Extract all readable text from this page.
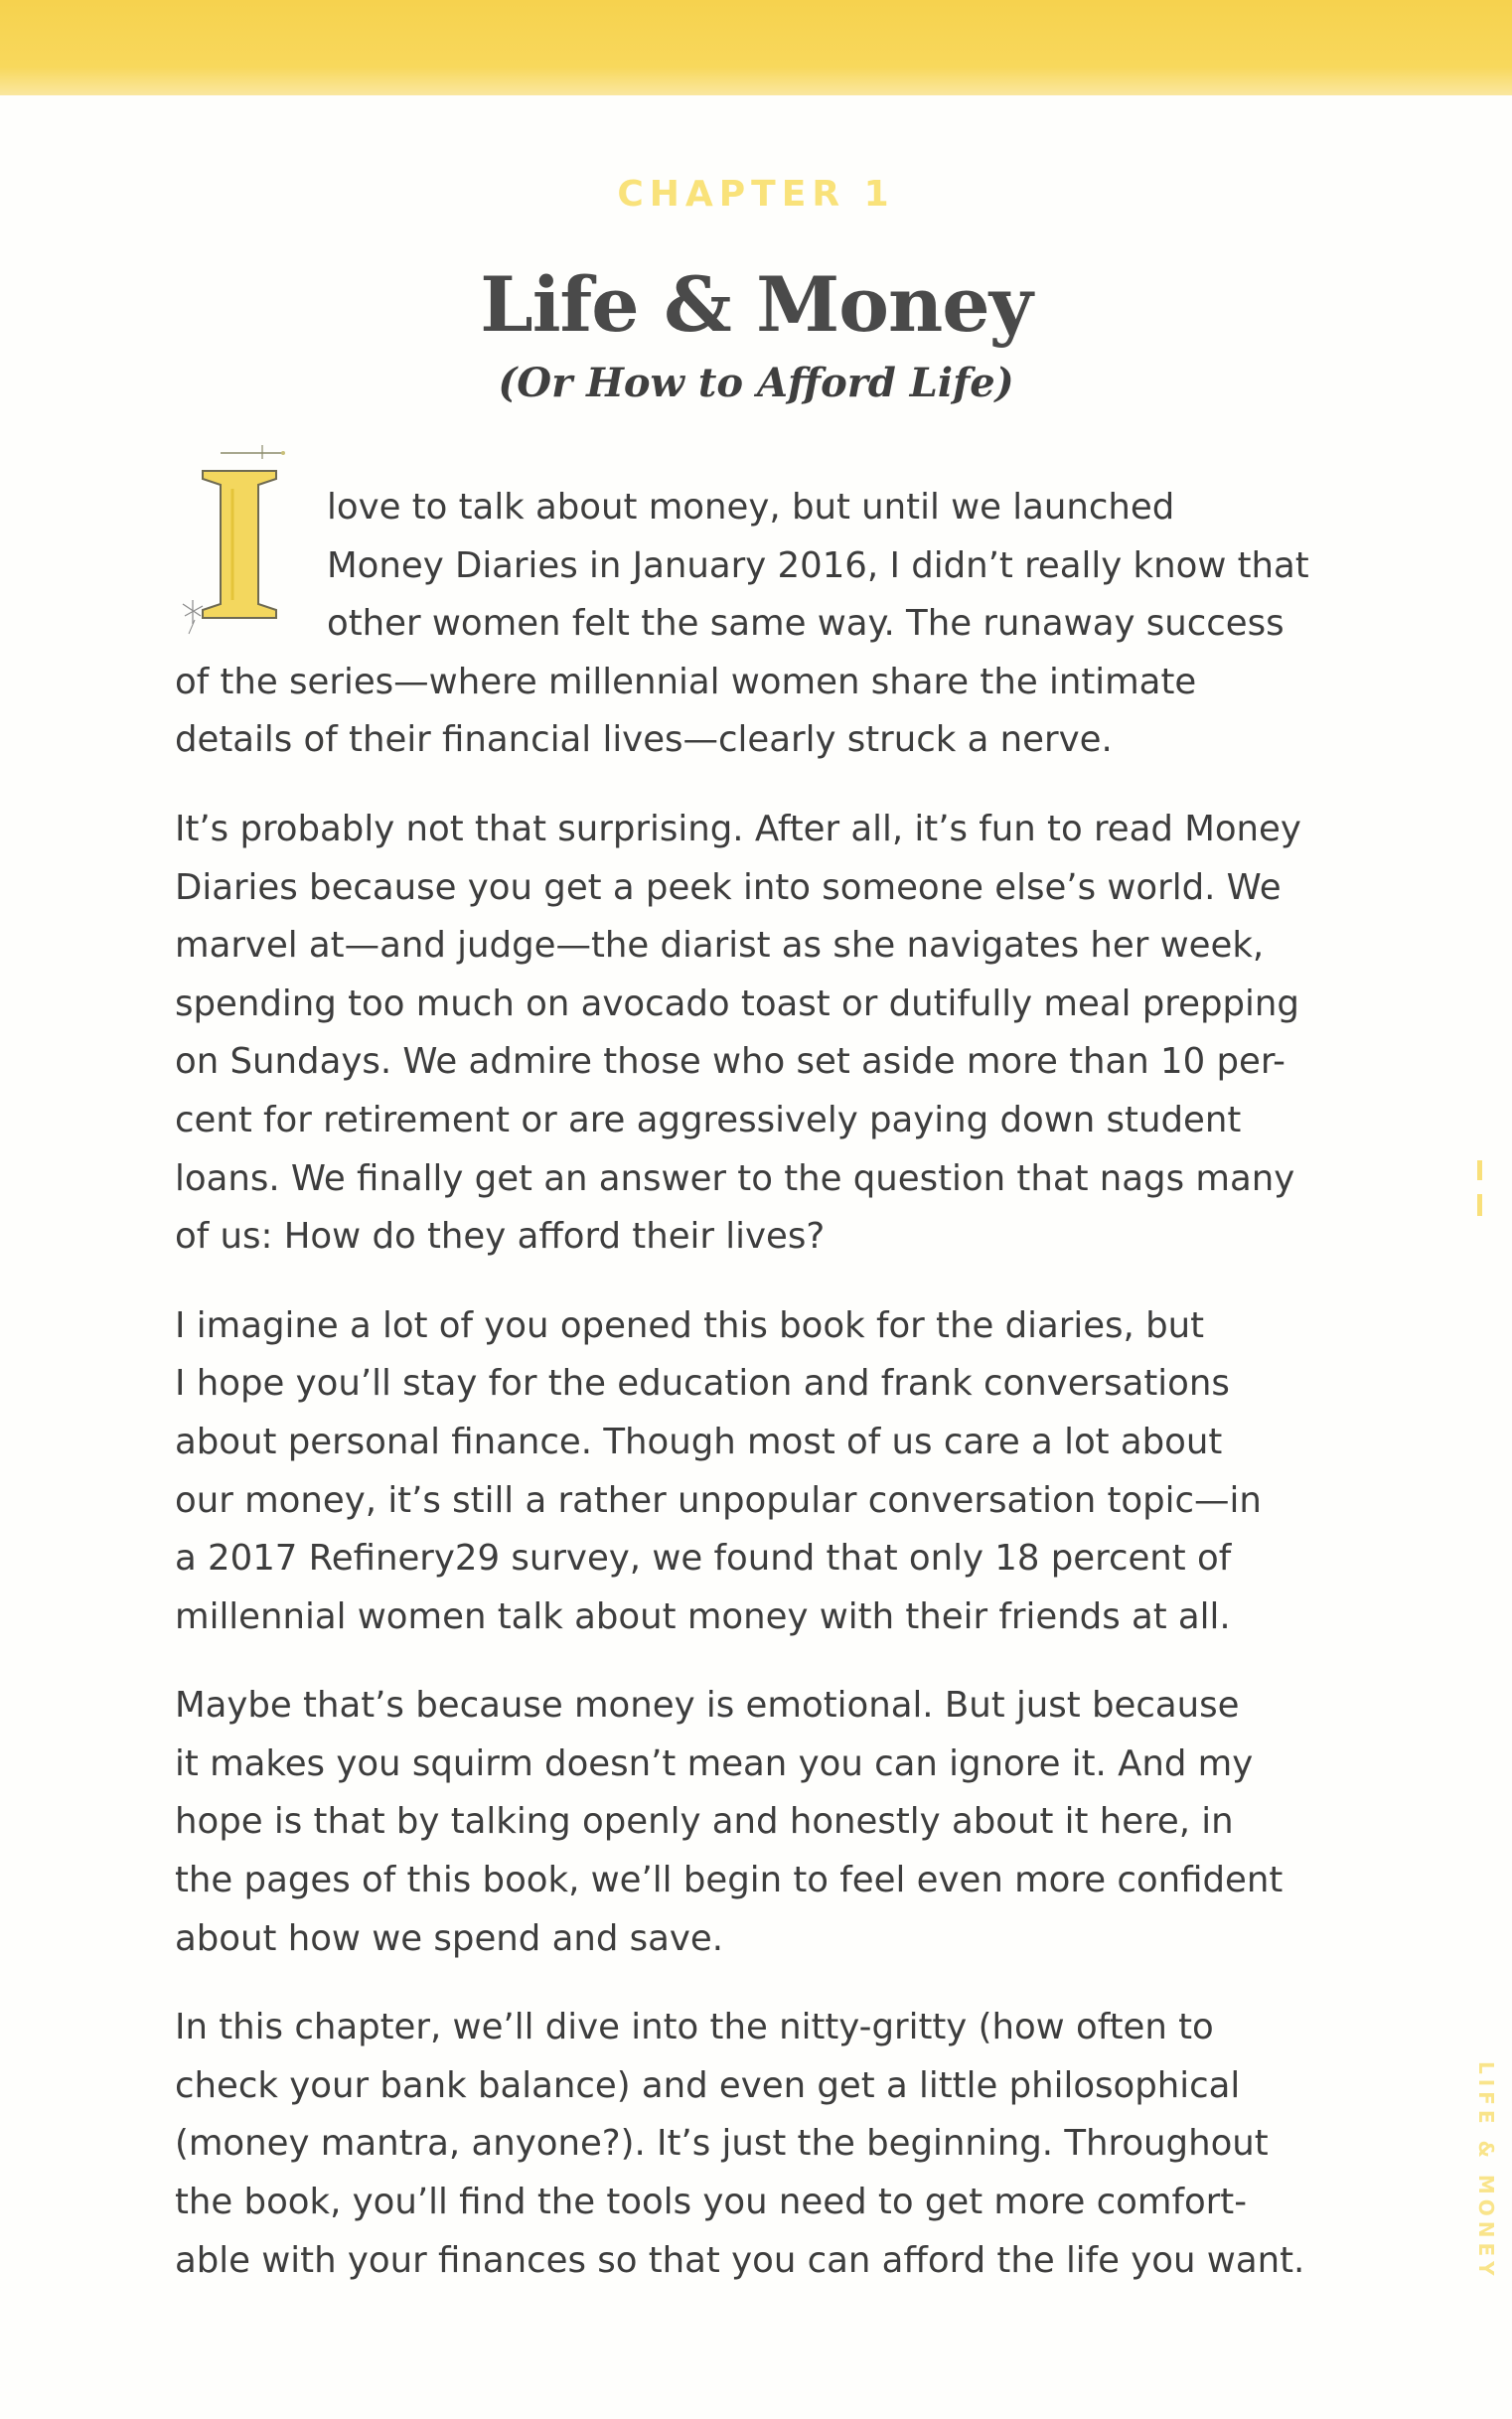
CHAPTER 1
Life & Money
(Or How to Afford Life)

love to talk about money, but until we launched
Money Diaries in January 2016, I didn’t really know that
other women felt the same way. The runaway success
of the series—where millennial women share the intimate
details of their financial lives—clearly struck a nerve.

It’s probably not that surprising. After all, it’s fun to read Money
Diaries because you get a peek into someone else’s world. We
marvel at—and judge—the diarist as she navigates her week,
spending too much on avocado toast or dutifully meal prepping
on Sundays. We admire those who set aside more than 10 per-
cent for retirement or are aggressively paying down student
loans. We finally get an answer to the question that nags many
of us: How do they afford their lives?

I imagine a lot of you opened this book for the diaries, but
I hope you’ll stay for the education and frank conversations
about personal finance. Though most of us care a lot about
our money, it’s still a rather unpopular conversation topic—in
a 2017 Refinery29 survey, we found that only 18 percent of
millennial women talk about money with their friends at all.

Maybe that’s because money is emotional. But just because
it makes you squirm doesn’t mean you can ignore it. And my
hope is that by talking openly and honestly about it here, in
the pages of this book, we’ll begin to feel even more confident
about how we spend and save.

In this chapter, we’ll dive into the nitty-gritty (how often to
check your bank balance) and even get a little philosophical
(money mantra, anyone?). It’s just the beginning. Throughout
the book, you’ll find the tools you need to get more comfort-
able with your finances so that you can afford the life you want.	LIFE & MONEY
